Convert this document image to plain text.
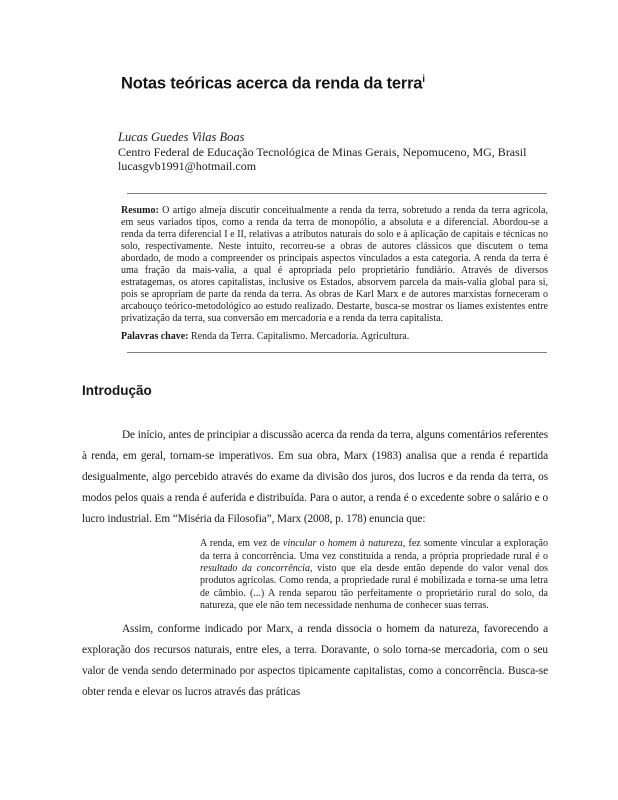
Notas teóricas acerca da renda da terra$^i$
Lucas Guedes Vilas Boas
Centro Federal de Educação Tecnológica de Minas Gerais, Nepomuceno, MG, Brasil
lucasgvb1991@hotmail.com

Resumo: O artigo almeja discutir conceitualmente a renda da terra, sobretudo a renda da terra agrícola, em seus variados tipos, como a renda da terra de monopólio, a absoluta e a diferencial. Abordou-se a renda da terra diferencial I e II, relativas a atributos naturais do solo e à aplicação de capitais e técnicas no solo, respectivamente. Neste intuito, recorreu-se a obras de autores clássicos que discutem o tema abordado, de modo a compreender os principais aspectos vinculados a esta categoria. A renda da terra é uma fração da mais-valia, a qual é apropriada pelo proprietário fundiário. Através de diversos estratagemas, os atores capitalistas, inclusive os Estados, absorvem parcela da mais-valia global para si, pois se apropriam de parte da renda da terra. As obras de Karl Marx e de autores marxistas forneceram o arcabouço teórico-metodológico ao estudo realizado. Destarte, busca-se mostrar os liames existentes entre privatização da terra, sua conversão em mercadoria e a renda da terra capitalista.

Palavras chave: Renda da Terra. Capitalismo. Mercadoria. Agricultura.

Introdução

De início, antes de principiar a discussão acerca da renda da terra, alguns comentários referentes à renda, em geral, tornam-se imperativos. Em sua obra, Marx (1983) analisa que a renda é repartida desigualmente, algo percebido através do exame da divisão dos juros, dos lucros e da renda da terra, os modos pelos quais a renda é auferida e distribuída. Para o autor, a renda é o excedente sobre o salário e o lucro industrial. Em “Miséria da Filosofia”, Marx (2008, p. 178) enuncia que:

A renda, em vez de vincular o homem à natureza, fez somente vincular a exploração da terra à concorrência. Uma vez constituída a renda, a própria propriedade rural é o resultado da concorrência, visto que ela desde então depende do valor venal dos produtos agrícolas. Como renda, a propriedade rural é mobilizada e torna-se uma letra de câmbio. (...) A renda separou tão perfeitamente o proprietário rural do solo, da natureza, que ele não tem necessidade nenhuma de conhecer suas terras.

Assim, conforme indicado por Marx, a renda dissocia o homem da natureza, favorecendo a exploração dos recursos naturais, entre eles, a terra. Doravante, o solo torna-se mercadoria, com o seu valor de venda sendo determinado por aspectos tipicamente capitalistas, como a concorrência. Busca-se obter renda e elevar os lucros através das práticas
